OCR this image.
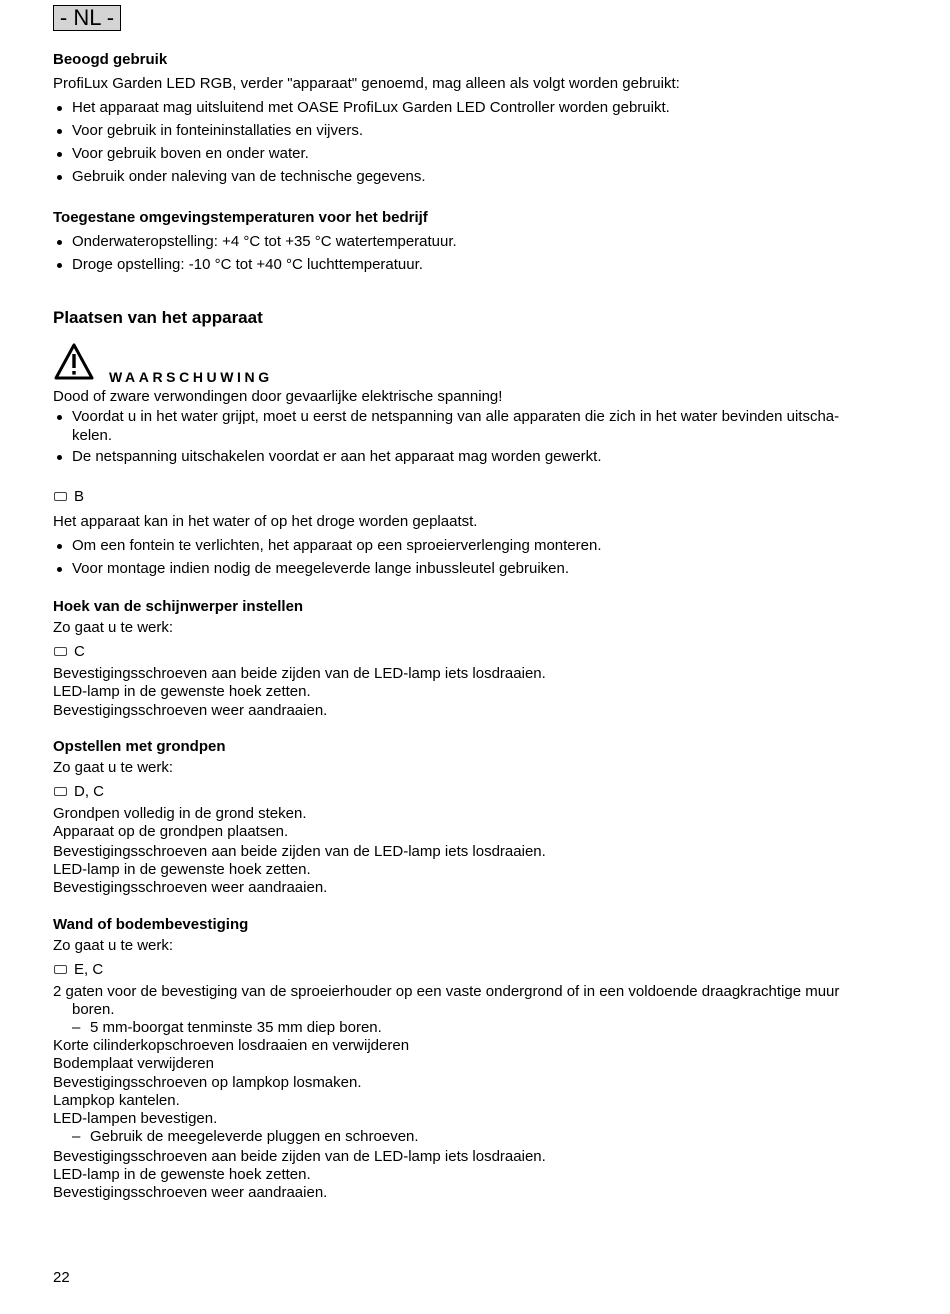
- NL -
Beoogd gebruik
ProfiLux Garden LED RGB, verder "apparaat" genoemd, mag alleen als volgt worden gebruikt:
Het apparaat mag uitsluitend met OASE ProfiLux Garden LED Controller worden gebruikt.
Voor gebruik in fonteininstallaties en vijvers.
Voor gebruik boven en onder water.
Gebruik onder naleving van de technische gegevens.
Toegestane omgevingstemperaturen voor het bedrijf
Onderwateropstelling: +4 °C tot +35 °C watertemperatuur.
Droge opstelling: -10 °C tot +40 °C luchttemperatuur.
Plaatsen van het apparaat
WAARSCHUWING
Dood of zware verwondingen door gevaarlijke elektrische spanning!
Voordat u in het water grijpt, moet u eerst de netspanning van alle apparaten die zich in het water bevinden uitscha-
kelen.
De netspanning uitschakelen voordat er aan het apparaat mag worden gewerkt.
B
Het apparaat kan in het water of op het droge worden geplaatst.
Om een fontein te verlichten, het apparaat op een sproeierverlenging monteren.
Voor montage indien nodig de meegeleverde lange inbussleutel gebruiken.
Hoek van de schijnwerper instellen
Zo gaat u te werk:
C
Bevestigingsschroeven aan beide zijden van de LED-lamp iets losdraaien.
LED-lamp in de gewenste hoek zetten.
Bevestigingsschroeven weer aandraaien.
Opstellen met grondpen
Zo gaat u te werk:
D, C
Grondpen volledig in de grond steken.
Apparaat op de grondpen plaatsen.
Bevestigingsschroeven aan beide zijden van de LED-lamp iets losdraaien.
LED-lamp in de gewenste hoek zetten.
Bevestigingsschroeven weer aandraaien.
Wand of bodembevestiging
Zo gaat u te werk:
E, C
2 gaten voor de bevestiging van de sproeierhouder op een vaste ondergrond of in een voldoende draagkrachtige muur
boren.
– 5 mm-boorgat tenminste 35 mm diep boren.
Korte cilinderkopschroeven losdraaien en verwijderen
Bodemplaat verwijderen
Bevestigingsschroeven op lampkop losmaken.
Lampkop kantelen.
LED-lampen bevestigen.
– Gebruik de meegeleverde pluggen en schroeven.
Bevestigingsschroeven aan beide zijden van de LED-lamp iets losdraaien.
LED-lamp in de gewenste hoek zetten.
Bevestigingsschroeven weer aandraaien.
22
